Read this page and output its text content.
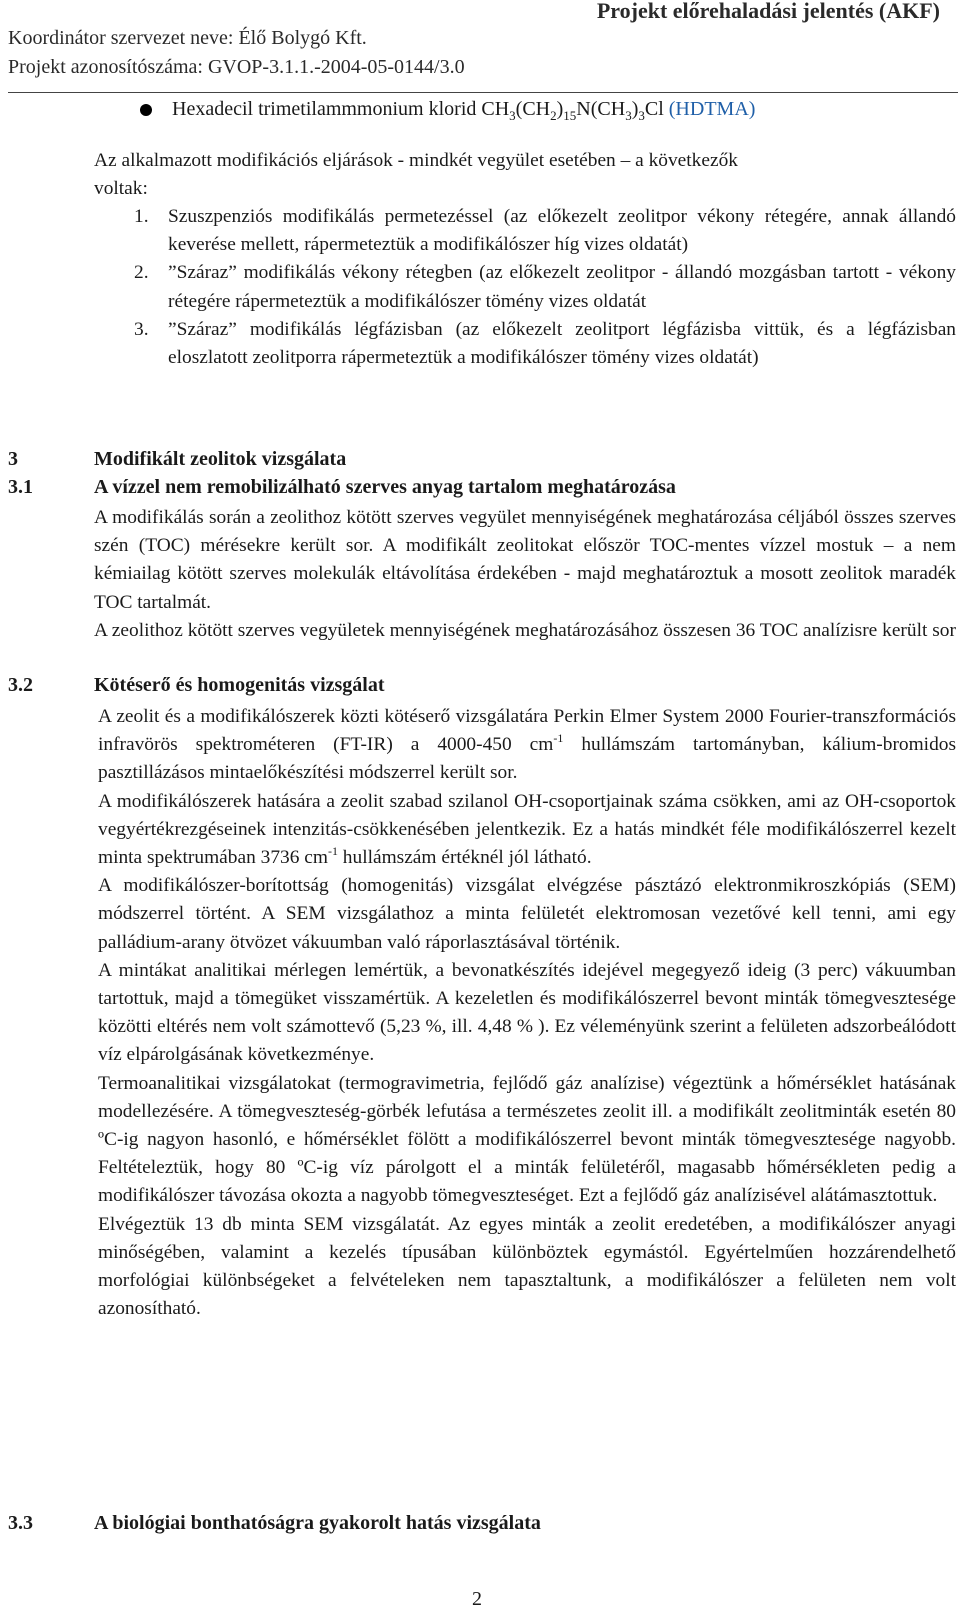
Projekt előrehaladási jelentés (AKF)
Koordinátor szervezet neve: Élő Bolygó Kft.
Projekt azonosítószáma: GVOP-3.1.1.-2004-05-0144/3.0
Hexadecil trimetilammmonium klorid $CH_3(CH_2)_{15}N(CH_3)_3Cl$ (HDTMA)
Az alkalmazott modifikációs eljárások - mindkét vegyület esetében – a következők
voltak:
1. Szuszpenziós modifikálás permetezéssel (az előkezelt zeolitpor vékony rétegére, annak állandó keverése mellett, rápermeteztük a modifikálószer híg vizes oldatát)
2. ”Száraz” modifikálás vékony rétegben (az előkezelt zeolitpor - állandó mozgásban tartott - vékony rétegére rápermeteztük a modifikálószer tömény vizes oldatát
3. ”Száraz” modifikálás légfázisban (az előkezelt zeolitport légfázisba vittük, és a légfázisban eloszlatott zeolitporra rápermeteztük a modifikálószer tömény vizes oldatát)
3	Modifikált zeolitok vizsgálata
3.1	A vízzel nem remobilizálható szerves anyag tartalom meghatározása
A modifikálás során a zeolithoz kötött szerves vegyület mennyiségének meghatározása céljából összes szerves szén (TOC) mérésekre került sor. A modifikált zeolitokat először TOC-mentes vízzel mostuk – a nem kémiailag kötött szerves molekulák eltávolítása érdekében - majd meghatároztuk a mosott zeolitok maradék TOC tartalmát.
A zeolithoz kötött szerves vegyületek mennyiségének meghatározásához összesen 36 TOC analízisre került sor
3.2	Kötéserő és homogenitás vizsgálat
A zeolit és a modifikálószerek közti kötéserő vizsgálatára Perkin Elmer System 2000 Fourier-transzformációs infravörös spektrométeren (FT-IR) a 4000-450 $cm^{-1}$ hullámszám tartományban, kálium-bromidos pasztillázásos mintaelőkészítési módszerrel került sor.
A modifikálószerek hatására a zeolit szabad szilanol OH-csoportjainak száma csökken, ami az OH-csoportok vegyértékrezgéseinek intenzitás-csökkenésében jelentkezik. Ez a hatás mindkét féle modifikálószerrel kezelt minta spektrumában 3736 $cm^{-1}$ hullámszám értéknél jól látható.
A modifikálószer-borítottság (homogenitás) vizsgálat elvégzése pásztázó elektronmikroszkópiás (SEM) módszerrel történt. A SEM vizsgálathoz a minta felületét elektromosan vezetővé kell tenni, ami egy palládium-arany ötvözet vákuumban való ráporlasztásával történik.
A mintákat analitikai mérlegen lemértük, a bevonatkészítés idejével megegyező ideig (3 perc) vákuumban tartottuk, majd a tömegüket visszamértük. A kezeletlen és modifikálószerrel bevont minták tömegvesztesége közötti eltérés nem volt számottevő (5,23 %, ill. 4,48 % ). Ez véleményünk szerint a felületen adszorbeálódott víz elpárolgásának következménye.
Termoanalitikai vizsgálatokat (termogravimetria, fejlődő gáz analízise) végeztünk a hőmérséklet hatásának modellezésére. A tömegveszteség-görbék lefutása a természetes zeolit ill. a modifikált zeolitminták esetén 80 ºC-ig nagyon hasonló, e hőmérséklet fölött a modifikálószerrel bevont minták tömegvesztesége nagyobb. Feltételeztük, hogy 80 ºC-ig víz párolgott el a minták felületéről, magasabb hőmérsékleten pedig a modifikálószer távozása okozta a nagyobb tömegveszteséget. Ezt a fejlődő gáz analízisével alátámasztottuk.
Elvégeztük 13 db minta SEM vizsgálatát. Az egyes minták a zeolit eredetében, a modifikálószer anyagi minőségében, valamint a kezelés típusában különböztek egymástól. Egyértelműen hozzárendelhető morfológiai különbségeket a felvételeken nem tapasztaltunk, a modifikálószer a felületen nem volt azonosítható.
3.3	A biológiai bonthatóságra gyakorolt hatás vizsgálata
2
